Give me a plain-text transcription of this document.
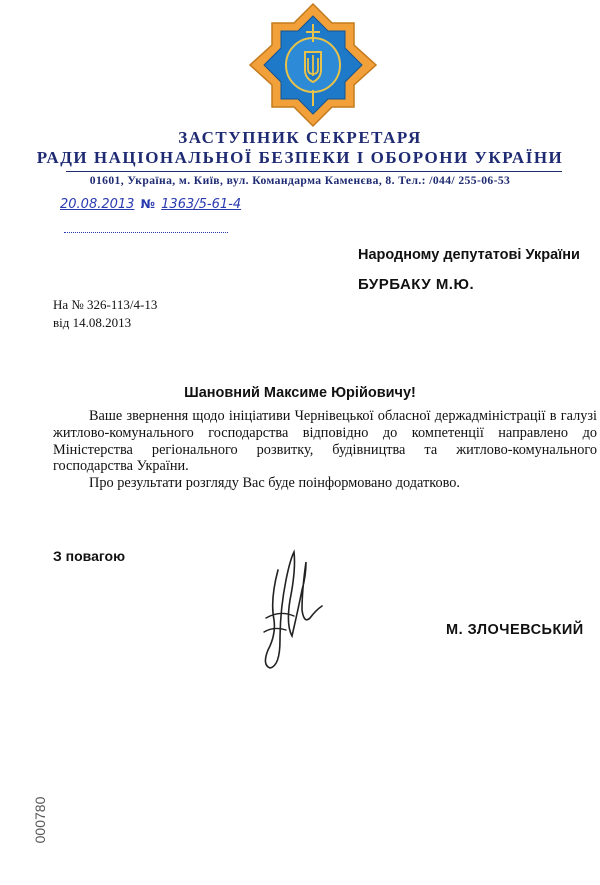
ЗАСТУПНИК СЕКРЕТАРЯ
РАДИ НАЦІОНАЛЬНОЇ БЕЗПЕКИ І ОБОРОНИ УКРАЇНИ
01601, Україна, м. Київ, вул. Командарма Каменєва, 8. Тел.: /044/ 255-06-53
20.08.2013 № 1363/5-61-4
Народному депутатові України
БУРБАКУ М.Ю.
На № 326-113/4-13
від 14.08.2013
Шановний Максиме Юрійовичу!

Ваше звернення щодо ініціативи Чернівецької обласної держадміністрації в галузі житлово-комунального господарства відповідно до компетенції направлено до Міністерства регіонального розвитку, будівництва та житлово-комунального господарства України.

Про результати розгляду Вас буде поінформовано додатково.

З повагою
М. ЗЛОЧЕВСЬКИЙ
000780
